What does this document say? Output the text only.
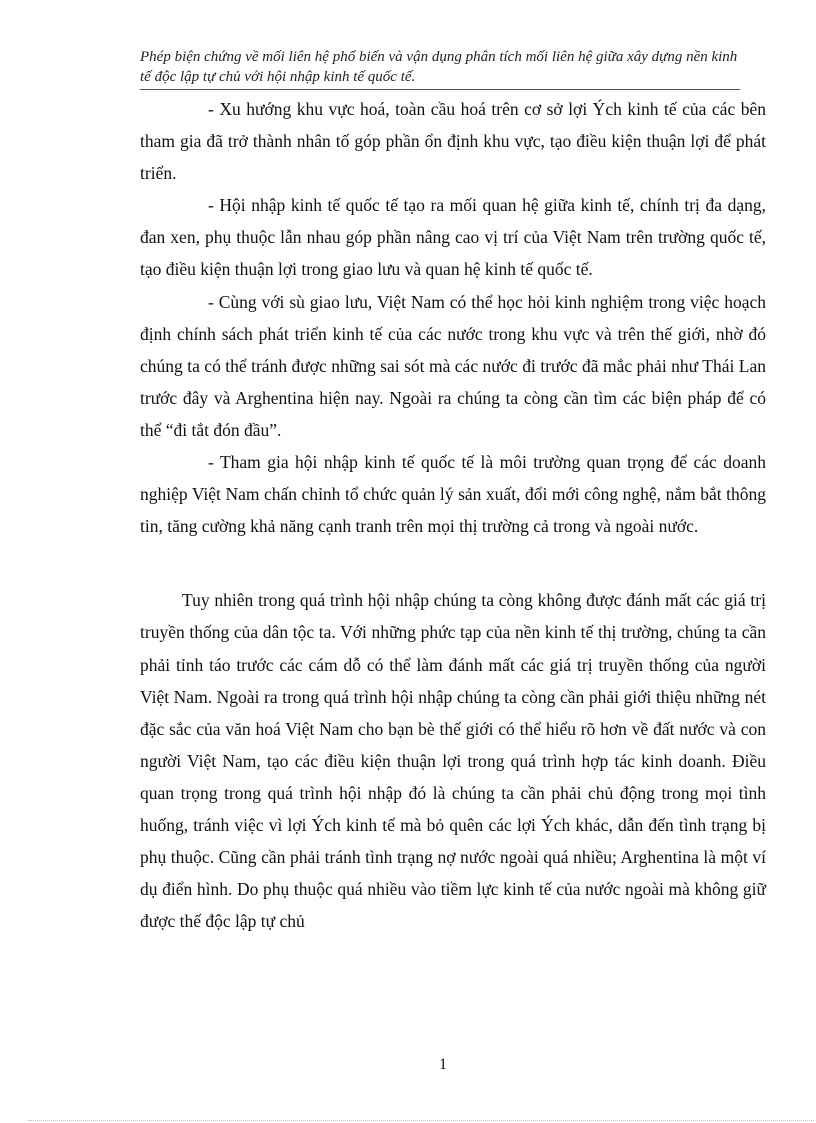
Phép biện chứng về mối liên hệ phổ biến và vận dụng phân tích mối liên hệ giữa xây dựng nền kinh tế độc lập tự chủ với hội nhập kinh tế quốc tế.

- Xu hướng khu vực hoá, toàn cầu hoá trên cơ sở lợi Ých kinh tế của các bên tham gia đã trở thành nhân tố góp phần ổn định khu vực, tạo điều kiện thuận lợi để phát triển.

- Hội nhập kinh tế quốc tế tạo ra mối quan hệ giữa kinh tế, chính trị đa dạng, đan xen, phụ thuộc lẫn nhau góp phần nâng cao vị trí của Việt Nam trên trường quốc tế, tạo điều kiện thuận lợi trong giao lưu và quan hệ kinh tế quốc tế.

- Cùng với sù giao lưu, Việt Nam có thể học hỏi kinh nghiệm trong việc hoạch định chính sách phát triển kinh tế của các nước trong khu vực và trên thế giới, nhờ đó chúng ta có thể tránh được những sai sót mà các nước đi trước đã mắc phải như Thái Lan trước đây và Arghentina hiện nay. Ngoài ra chúng ta còng cần tìm các biện pháp để có thể “đi tắt đón đầu”.

- Tham gia hội nhập kinh tế quốc tế là môi trường quan trọng để các doanh nghiệp Việt Nam chấn chỉnh tổ chức quản lý sản xuất, đổi mới công nghệ, nắm bắt thông tin, tăng cường khả năng cạnh tranh trên mọi thị trường cả trong và ngoài nước.

Tuy nhiên trong quá trình hội nhập chúng ta còng không được đánh mất các giá trị truyền thống của dân tộc ta. Với những phức tạp của nền kinh tế thị trường, chúng ta cần phải tỉnh táo trước các cám dỗ có thể làm đánh mất các giá trị truyền thống của người Việt Nam. Ngoài ra trong quá trình hội nhập chúng ta còng cần phải giới thiệu những nét đặc sắc của văn hoá Việt Nam cho bạn bè thế giới có thể hiểu rõ hơn về đất nước và con người Việt Nam, tạo các điều kiện thuận lợi trong quá trình hợp tác kinh doanh. Điều quan trọng trong quá trình hội nhập đó là chúng ta cần phải chủ động trong mọi tình huống, tránh việc vì lợi Ých kinh tế mà bỏ quên các lợi Ých khác, dẫn đến tình trạng bị phụ thuộc. Cũng cần phải tránh tình trạng nợ nước ngoài quá nhiều; Arghentina là một ví dụ điển hình. Do phụ thuộc quá nhiều vào tiềm lực kinh tế của nước ngoài mà không giữ được thế độc lập tự chủ

1
